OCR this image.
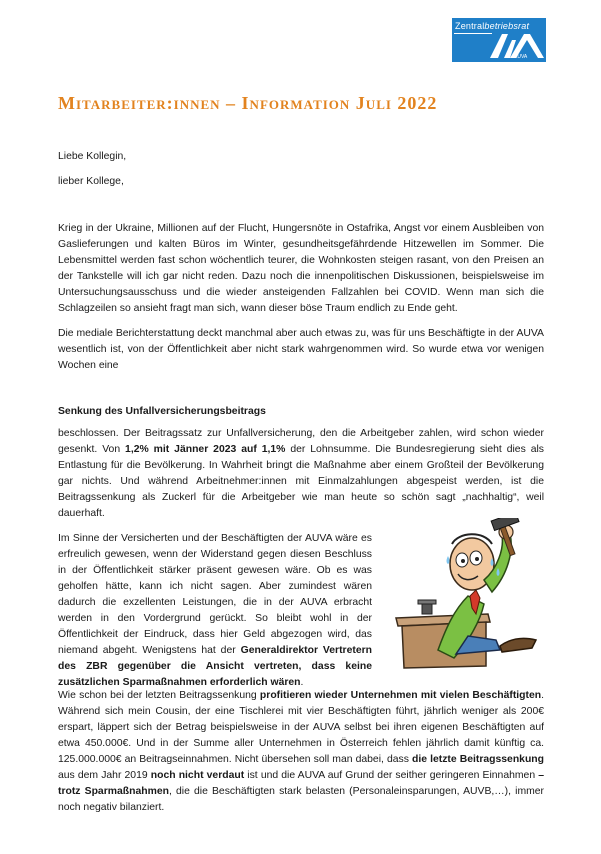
Zentralbetriebsrat
AUVA
Mitarbeiter:innen – Information Juli 2022
Liebe Kollegin,
lieber Kollege,
Krieg in der Ukraine, Millionen auf der Flucht, Hungersnöte in Ostafrika, Angst vor einem Ausbleiben von Gaslieferungen und kalten Büros im Winter, gesundheitsgefährdende Hitzewellen im Sommer. Die Lebensmittel werden fast schon wöchentlich teurer, die Wohnkosten steigen rasant, von den Preisen an der Tankstelle will ich gar nicht reden. Dazu noch die innenpolitischen Diskussionen, beispielsweise im Untersuchungsausschuss und die wieder ansteigenden Fallzahlen bei COVID. Wenn man sich die Schlagzeilen so ansieht fragt man sich, wann dieser böse Traum endlich zu Ende geht.
Die mediale Berichterstattung deckt manchmal aber auch etwas zu, was für uns Beschäftigte in der AUVA wesentlich ist, von der Öffentlichkeit aber nicht stark wahrgenommen wird. So wurde etwa vor wenigen Wochen eine
Senkung des Unfallversicherungsbeitrags
beschlossen. Der Beitragssatz zur Unfallversicherung, den die Arbeitgeber zahlen, wird schon wieder gesenkt. Von 1,2% mit Jänner 2023 auf 1,1% der Lohnsumme. Die Bundesregierung sieht dies als Entlastung für die Bevölkerung. In Wahrheit bringt die Maßnahme aber einem Großteil der Bevölkerung gar nichts. Und während Arbeitnehmer:innen mit Einmalzahlungen abgespeist werden, ist die Beitragssenkung als Zuckerl für die Arbeitgeber wie man heute so schön sagt „nachhaltig“, weil dauerhaft.
Im Sinne der Versicherten und der Beschäftigten der AUVA wäre es erfreulich gewesen, wenn der Widerstand gegen diesen Beschluss in der Öffentlichkeit stärker präsent gewesen wäre. Ob es was geholfen hätte, kann ich nicht sagen. Aber zumindest wären dadurch die exzellenten Leistungen, die in der AUVA erbracht werden in den Vordergrund gerückt. So bleibt wohl in der Öffentlichkeit der Eindruck, dass hier Geld abgezogen wird, das niemand abgeht. Wenigstens hat der Generaldirektor Vertretern des ZBR gegenüber die Ansicht vertreten, dass keine zusätzlichen Sparmaßnahmen erforderlich wären.
Wie schon bei der letzten Beitragssenkung profitieren wieder Unternehmen mit vielen Beschäftigten. Während sich mein Cousin, der eine Tischlerei mit vier Beschäftigten führt, jährlich weniger als 200€ erspart, läppert sich der Betrag beispielsweise in der AUVA selbst bei ihren eigenen Beschäftigten auf etwa 450.000€. Und in der Summe aller Unternehmen in Österreich fehlen jährlich damit künftig ca. 125.000.000€ an Beitragseinnahmen. Nicht übersehen soll man dabei, dass die letzte Beitragssenkung aus dem Jahr 2019 noch nicht verdaut ist und die AUVA auf Grund der seither geringeren Einnahmen – trotz Sparmaßnahmen, die die Beschäftigten stark belasten (Personaleinsparungen, AUVB,…), immer noch negativ bilanziert.
